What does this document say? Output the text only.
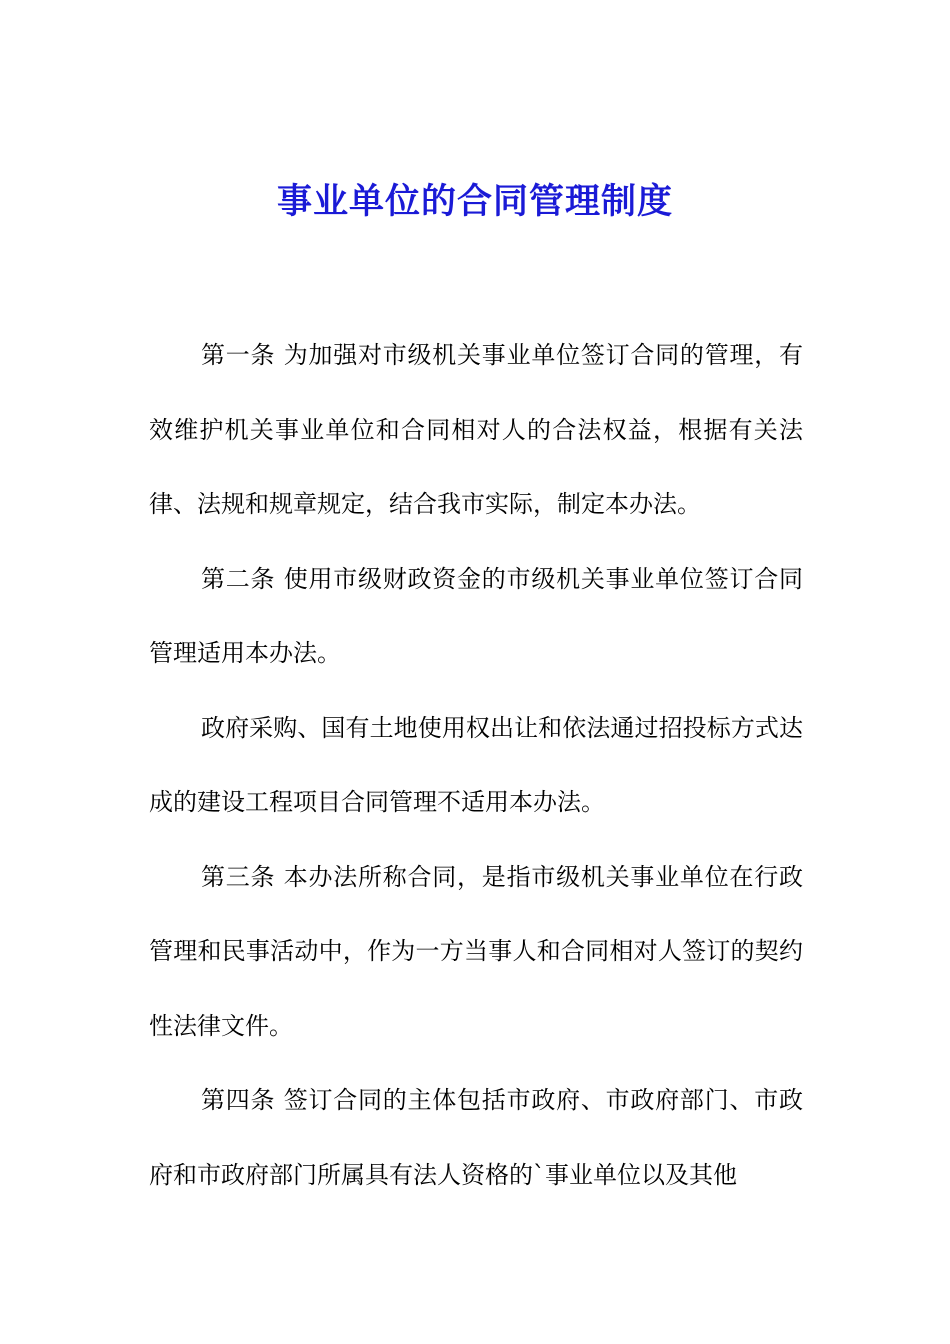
事业单位的合同管理制度

第一条 为加强对市级机关事业单位签订合同的管理，有效维护机关事业单位和合同相对人的合法权益，根据有关法律、法规和规章规定，结合我市实际，制定本办法。

第二条 使用市级财政资金的市级机关事业单位签订合同管理适用本办法。

政府采购、国有土地使用权出让和依法通过招投标方式达成的建设工程项目合同管理不适用本办法。

第三条 本办法所称合同，是指市级机关事业单位在行政管理和民事活动中，作为一方当事人和合同相对人签订的契约性法律文件。

第四条 签订合同的主体包括市政府、市政府部门、市政府和市政府部门所属具有法人资格的`事业单位以及其他
